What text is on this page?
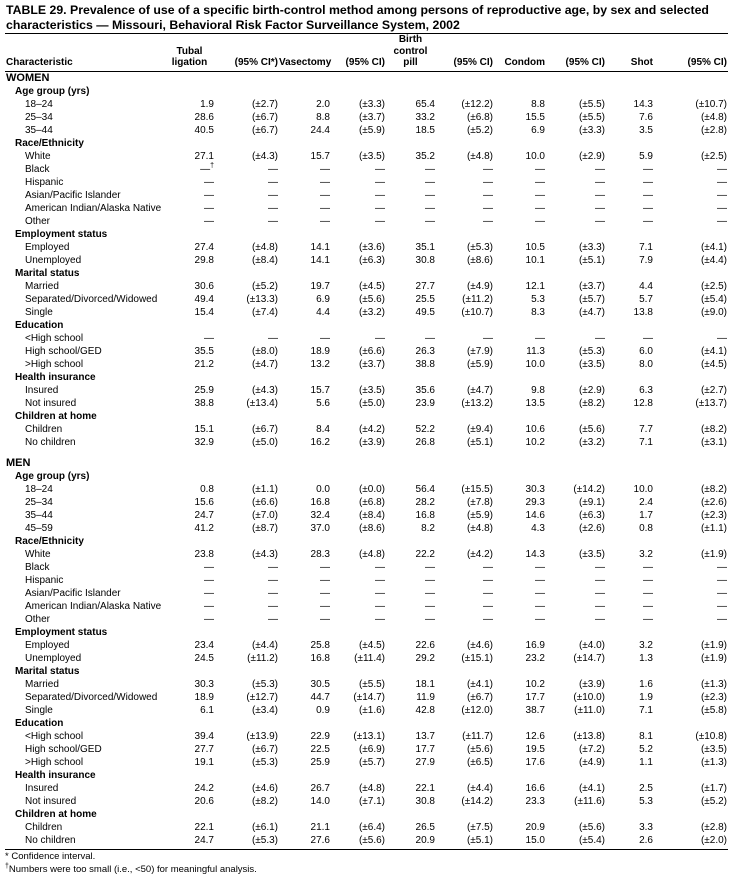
TABLE 29. Prevalence of use of a specific birth-control method among persons of reproductive age, by sex and selected characteristics — Missouri, Behavioral Risk Factor Surveillance System, 2002
Characteristic	Tubal ligation	(95% CI*)	Vasectomy	(95% CI)	Birth control pill	(95% CI)	Condom	(95% CI)	Shot	(95% CI)
WOMEN										
Age group (yrs)										
18–24	1.9	(±2.7)	2.0	(±3.3)	65.4	(±12.2)	8.8	(±5.5)	14.3	(±10.7)
25–34	28.6	(±6.7)	8.8	(±3.7)	33.2	(±6.8)	15.5	(±5.5)	7.6	(±4.8)
35–44	40.5	(±6.7)	24.4	(±5.9)	18.5	(±5.2)	6.9	(±3.3)	3.5	(±2.8)
Race/Ethnicity										
White	27.1	(±4.3)	15.7	(±3.5)	35.2	(±4.8)	10.0	(±2.9)	5.9	(±2.5)
Black	—†	—	—	—	—	—	—	—	—	—
Hispanic	—	—	—	—	—	—	—	—	—	—
Asian/Pacific Islander	—	—	—	—	—	—	—	—	—	—
American Indian/Alaska Native	—	—	—	—	—	—	—	—	—	—
Other	—	—	—	—	—	—	—	—	—	—
Employment status										
Employed	27.4	(±4.8)	14.1	(±3.6)	35.1	(±5.3)	10.5	(±3.3)	7.1	(±4.1)
Unemployed	29.8	(±8.4)	14.1	(±6.3)	30.8	(±8.6)	10.1	(±5.1)	7.9	(±4.4)
Marital status										
Married	30.6	(±5.2)	19.7	(±4.5)	27.7	(±4.9)	12.1	(±3.7)	4.4	(±2.5)
Separated/Divorced/Widowed	49.4	(±13.3)	6.9	(±5.6)	25.5	(±11.2)	5.3	(±5.7)	5.7	(±5.4)
Single	15.4	(±7.4)	4.4	(±3.2)	49.5	(±10.7)	8.3	(±4.7)	13.8	(±9.0)
Education										
<High school	—	—	—	—	—	—	—	—	—	—
High school/GED	35.5	(±8.0)	18.9	(±6.6)	26.3	(±7.9)	11.3	(±5.3)	6.0	(±4.1)
>High school	21.2	(±4.7)	13.2	(±3.7)	38.8	(±5.9)	10.0	(±3.5)	8.0	(±4.5)
Health insurance										
Insured	25.9	(±4.3)	15.7	(±3.5)	35.6	(±4.7)	9.8	(±2.9)	6.3	(±2.7)
Not insured	38.8	(±13.4)	5.6	(±5.0)	23.9	(±13.2)	13.5	(±8.2)	12.8	(±13.7)
Children at home										
Children	15.1	(±6.7)	8.4	(±4.2)	52.2	(±9.4)	10.6	(±5.6)	7.7	(±8.2)
No children	32.9	(±5.0)	16.2	(±3.9)	26.8	(±5.1)	10.2	(±3.2)	7.1	(±3.1)

MEN										
Age group (yrs)										
18–24	0.8	(±1.1)	0.0	(±0.0)	56.4	(±15.5)	30.3	(±14.2)	10.0	(±8.2)
25–34	15.6	(±6.6)	16.8	(±6.8)	28.2	(±7.8)	29.3	(±9.1)	2.4	(±2.6)
35–44	24.7	(±7.0)	32.4	(±8.4)	16.8	(±5.9)	14.6	(±6.3)	1.7	(±2.3)
45–59	41.2	(±8.7)	37.0	(±8.6)	8.2	(±4.8)	4.3	(±2.6)	0.8	(±1.1)
Race/Ethnicity										
White	23.8	(±4.3)	28.3	(±4.8)	22.2	(±4.2)	14.3	(±3.5)	3.2	(±1.9)
Black	—	—	—	—	—	—	—	—	—	—
Hispanic	—	—	—	—	—	—	—	—	—	—
Asian/Pacific Islander	—	—	—	—	—	—	—	—	—	—
American Indian/Alaska Native	—	—	—	—	—	—	—	—	—	—
Other	—	—	—	—	—	—	—	—	—	—
Employment status										
Employed	23.4	(±4.4)	25.8	(±4.5)	22.6	(±4.6)	16.9	(±4.0)	3.2	(±1.9)
Unemployed	24.5	(±11.2)	16.8	(±11.4)	29.2	(±15.1)	23.2	(±14.7)	1.3	(±1.9)
Marital status										
Married	30.3	(±5.3)	30.5	(±5.5)	18.1	(±4.1)	10.2	(±3.9)	1.6	(±1.3)
Separated/Divorced/Widowed	18.9	(±12.7)	44.7	(±14.7)	11.9	(±6.7)	17.7	(±10.0)	1.9	(±2.3)
Single	6.1	(±3.4)	0.9	(±1.6)	42.8	(±12.0)	38.7	(±11.0)	7.1	(±5.8)
Education										
<High school	39.4	(±13.9)	22.9	(±13.1)	13.7	(±11.7)	12.6	(±13.8)	8.1	(±10.8)
High school/GED	27.7	(±6.7)	22.5	(±6.9)	17.7	(±5.6)	19.5	(±7.2)	5.2	(±3.5)
>High school	19.1	(±5.3)	25.9	(±5.7)	27.9	(±6.5)	17.6	(±4.9)	1.1	(±1.3)
Health insurance										
Insured	24.2	(±4.6)	26.7	(±4.8)	22.1	(±4.4)	16.6	(±4.1)	2.5	(±1.7)
Not insured	20.6	(±8.2)	14.0	(±7.1)	30.8	(±14.2)	23.3	(±11.6)	5.3	(±5.2)
Children at home										
Children	22.1	(±6.1)	21.1	(±6.4)	26.5	(±7.5)	20.9	(±5.6)	3.3	(±2.8)
No children	24.7	(±5.3)	27.6	(±5.6)	20.9	(±5.1)	15.0	(±5.4)	2.6	(±2.0)
* Confidence interval.
†Numbers were too small (i.e., <50) for meaningful analysis.
